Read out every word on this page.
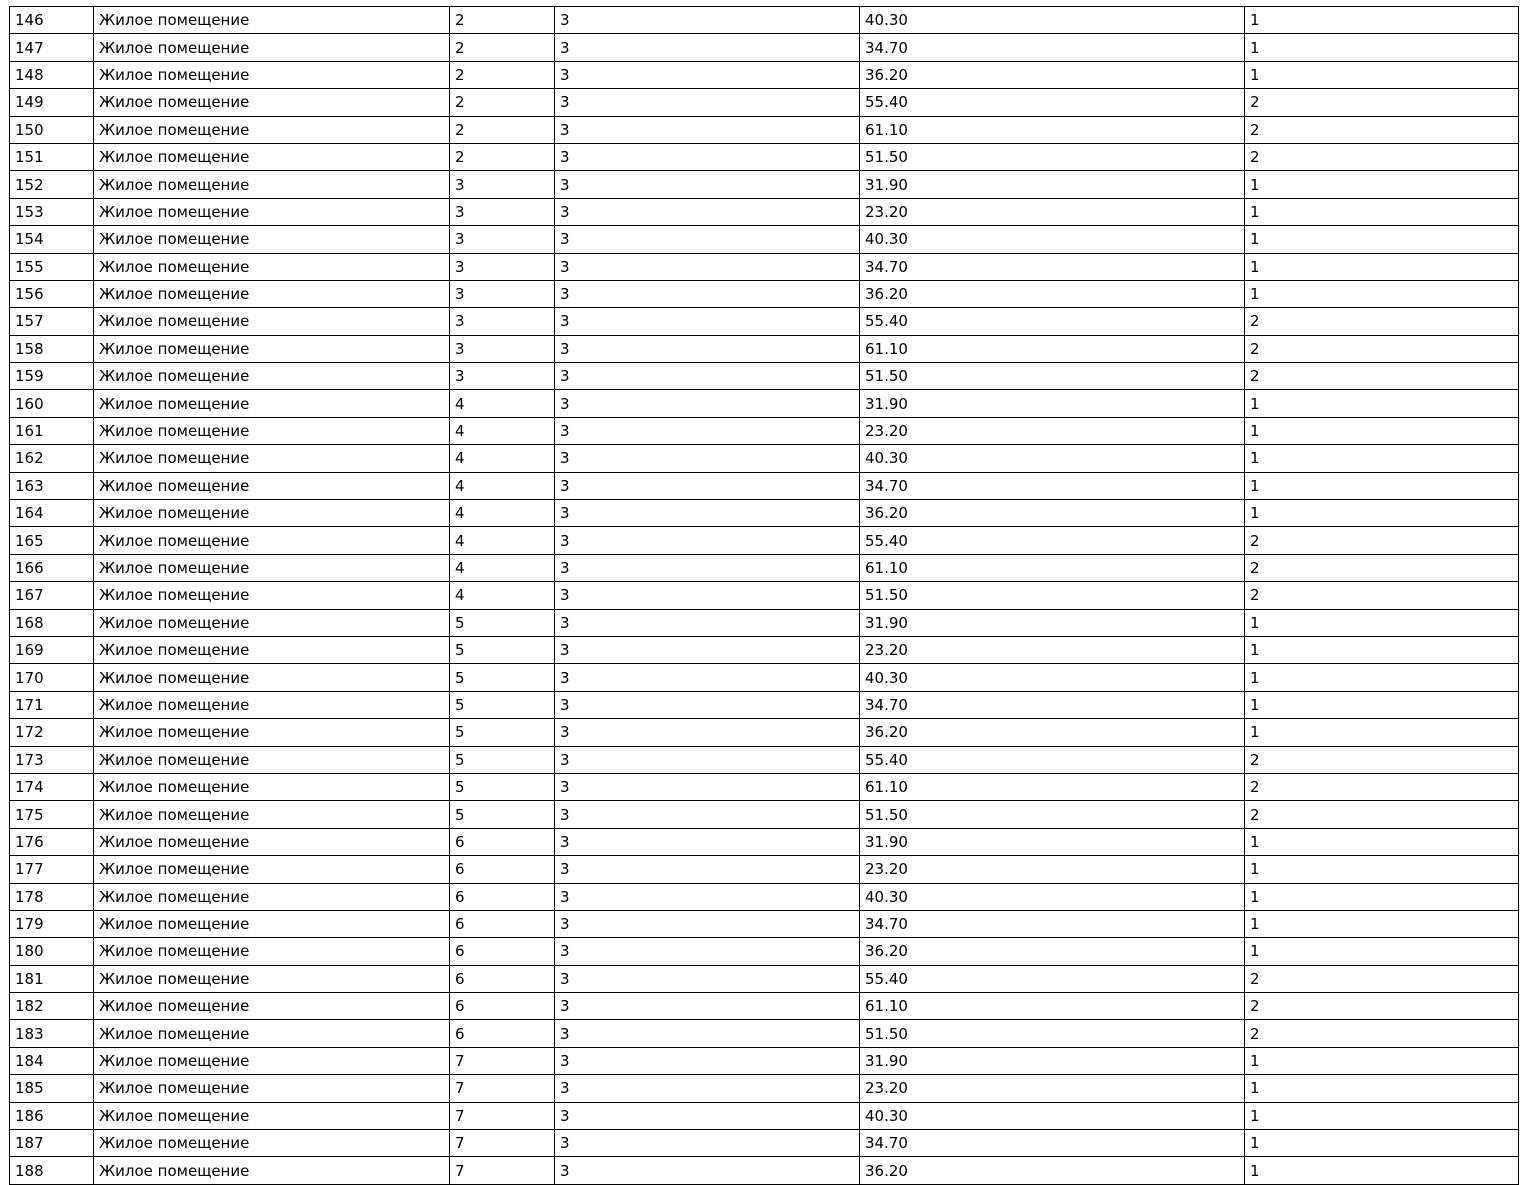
146	Жилое помещение	2	3	40.30	1
147	Жилое помещение	2	3	34.70	1
148	Жилое помещение	2	3	36.20	1
149	Жилое помещение	2	3	55.40	2
150	Жилое помещение	2	3	61.10	2
151	Жилое помещение	2	3	51.50	2
152	Жилое помещение	3	3	31.90	1
153	Жилое помещение	3	3	23.20	1
154	Жилое помещение	3	3	40.30	1
155	Жилое помещение	3	3	34.70	1
156	Жилое помещение	3	3	36.20	1
157	Жилое помещение	3	3	55.40	2
158	Жилое помещение	3	3	61.10	2
159	Жилое помещение	3	3	51.50	2
160	Жилое помещение	4	3	31.90	1
161	Жилое помещение	4	3	23.20	1
162	Жилое помещение	4	3	40.30	1
163	Жилое помещение	4	3	34.70	1
164	Жилое помещение	4	3	36.20	1
165	Жилое помещение	4	3	55.40	2
166	Жилое помещение	4	3	61.10	2
167	Жилое помещение	4	3	51.50	2
168	Жилое помещение	5	3	31.90	1
169	Жилое помещение	5	3	23.20	1
170	Жилое помещение	5	3	40.30	1
171	Жилое помещение	5	3	34.70	1
172	Жилое помещение	5	3	36.20	1
173	Жилое помещение	5	3	55.40	2
174	Жилое помещение	5	3	61.10	2
175	Жилое помещение	5	3	51.50	2
176	Жилое помещение	6	3	31.90	1
177	Жилое помещение	6	3	23.20	1
178	Жилое помещение	6	3	40.30	1
179	Жилое помещение	6	3	34.70	1
180	Жилое помещение	6	3	36.20	1
181	Жилое помещение	6	3	55.40	2
182	Жилое помещение	6	3	61.10	2
183	Жилое помещение	6	3	51.50	2
184	Жилое помещение	7	3	31.90	1
185	Жилое помещение	7	3	23.20	1
186	Жилое помещение	7	3	40.30	1
187	Жилое помещение	7	3	34.70	1
188	Жилое помещение	7	3	36.20	1
